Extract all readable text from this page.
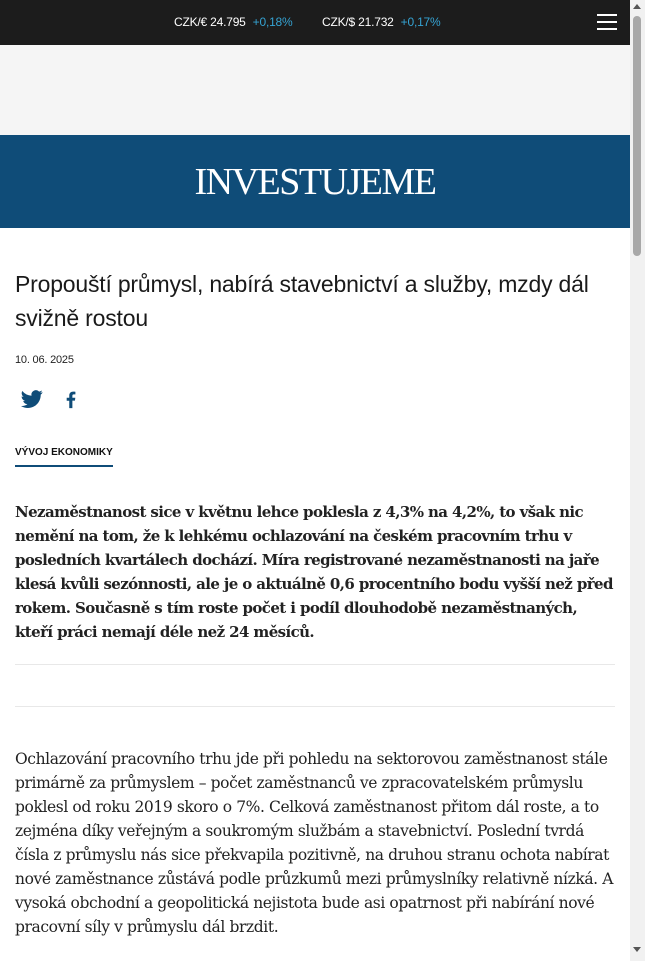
CZK/€ 24.795 +0,18% CZK/$ 21.732 +0,17%
INVESTUJEME
Propouští průmysl, nabírá stavebnictví a služby, mzdy dál svižně rostou
10. 06. 2025
VÝVOJ EKONOMIKY

Nezaměstnanost sice v květnu lehce poklesla z 4,3% na 4,2%, to však nic nemění na tom, že k lehkému ochlazování na českém pracovním trhu v posledních kvartálech dochází. Míra registrované nezaměstnanosti na jaře klesá kvůli sezónnosti, ale je o aktuálně 0,6 procentního bodu vyšší než před rokem. Současně s tím roste počet i podíl dlouhodobě nezaměstnaných, kteří práci nemají déle než 24 měsíců.

Ochlazování pracovního trhu jde při pohledu na sektorovou zaměstnanost stále primárně za průmyslem – počet zaměstnanců ve zpracovatelském průmyslu poklesl od roku 2019 skoro o 7%. Celková zaměstnanost přitom dál roste, a to zejména díky veřejným a soukromým službám a stavebnictví. Poslední tvrdá čísla z průmyslu nás sice překvapila pozitivně, na druhou stranu ochota nabírat nové zaměstnance zůstává podle průzkumů mezi průmyslníky relativně nízká. A vysoká obchodní a geopolitická nejistota bude asi opatrnost při nabírání nové pracovní síly v průmyslu dál brzdit.
